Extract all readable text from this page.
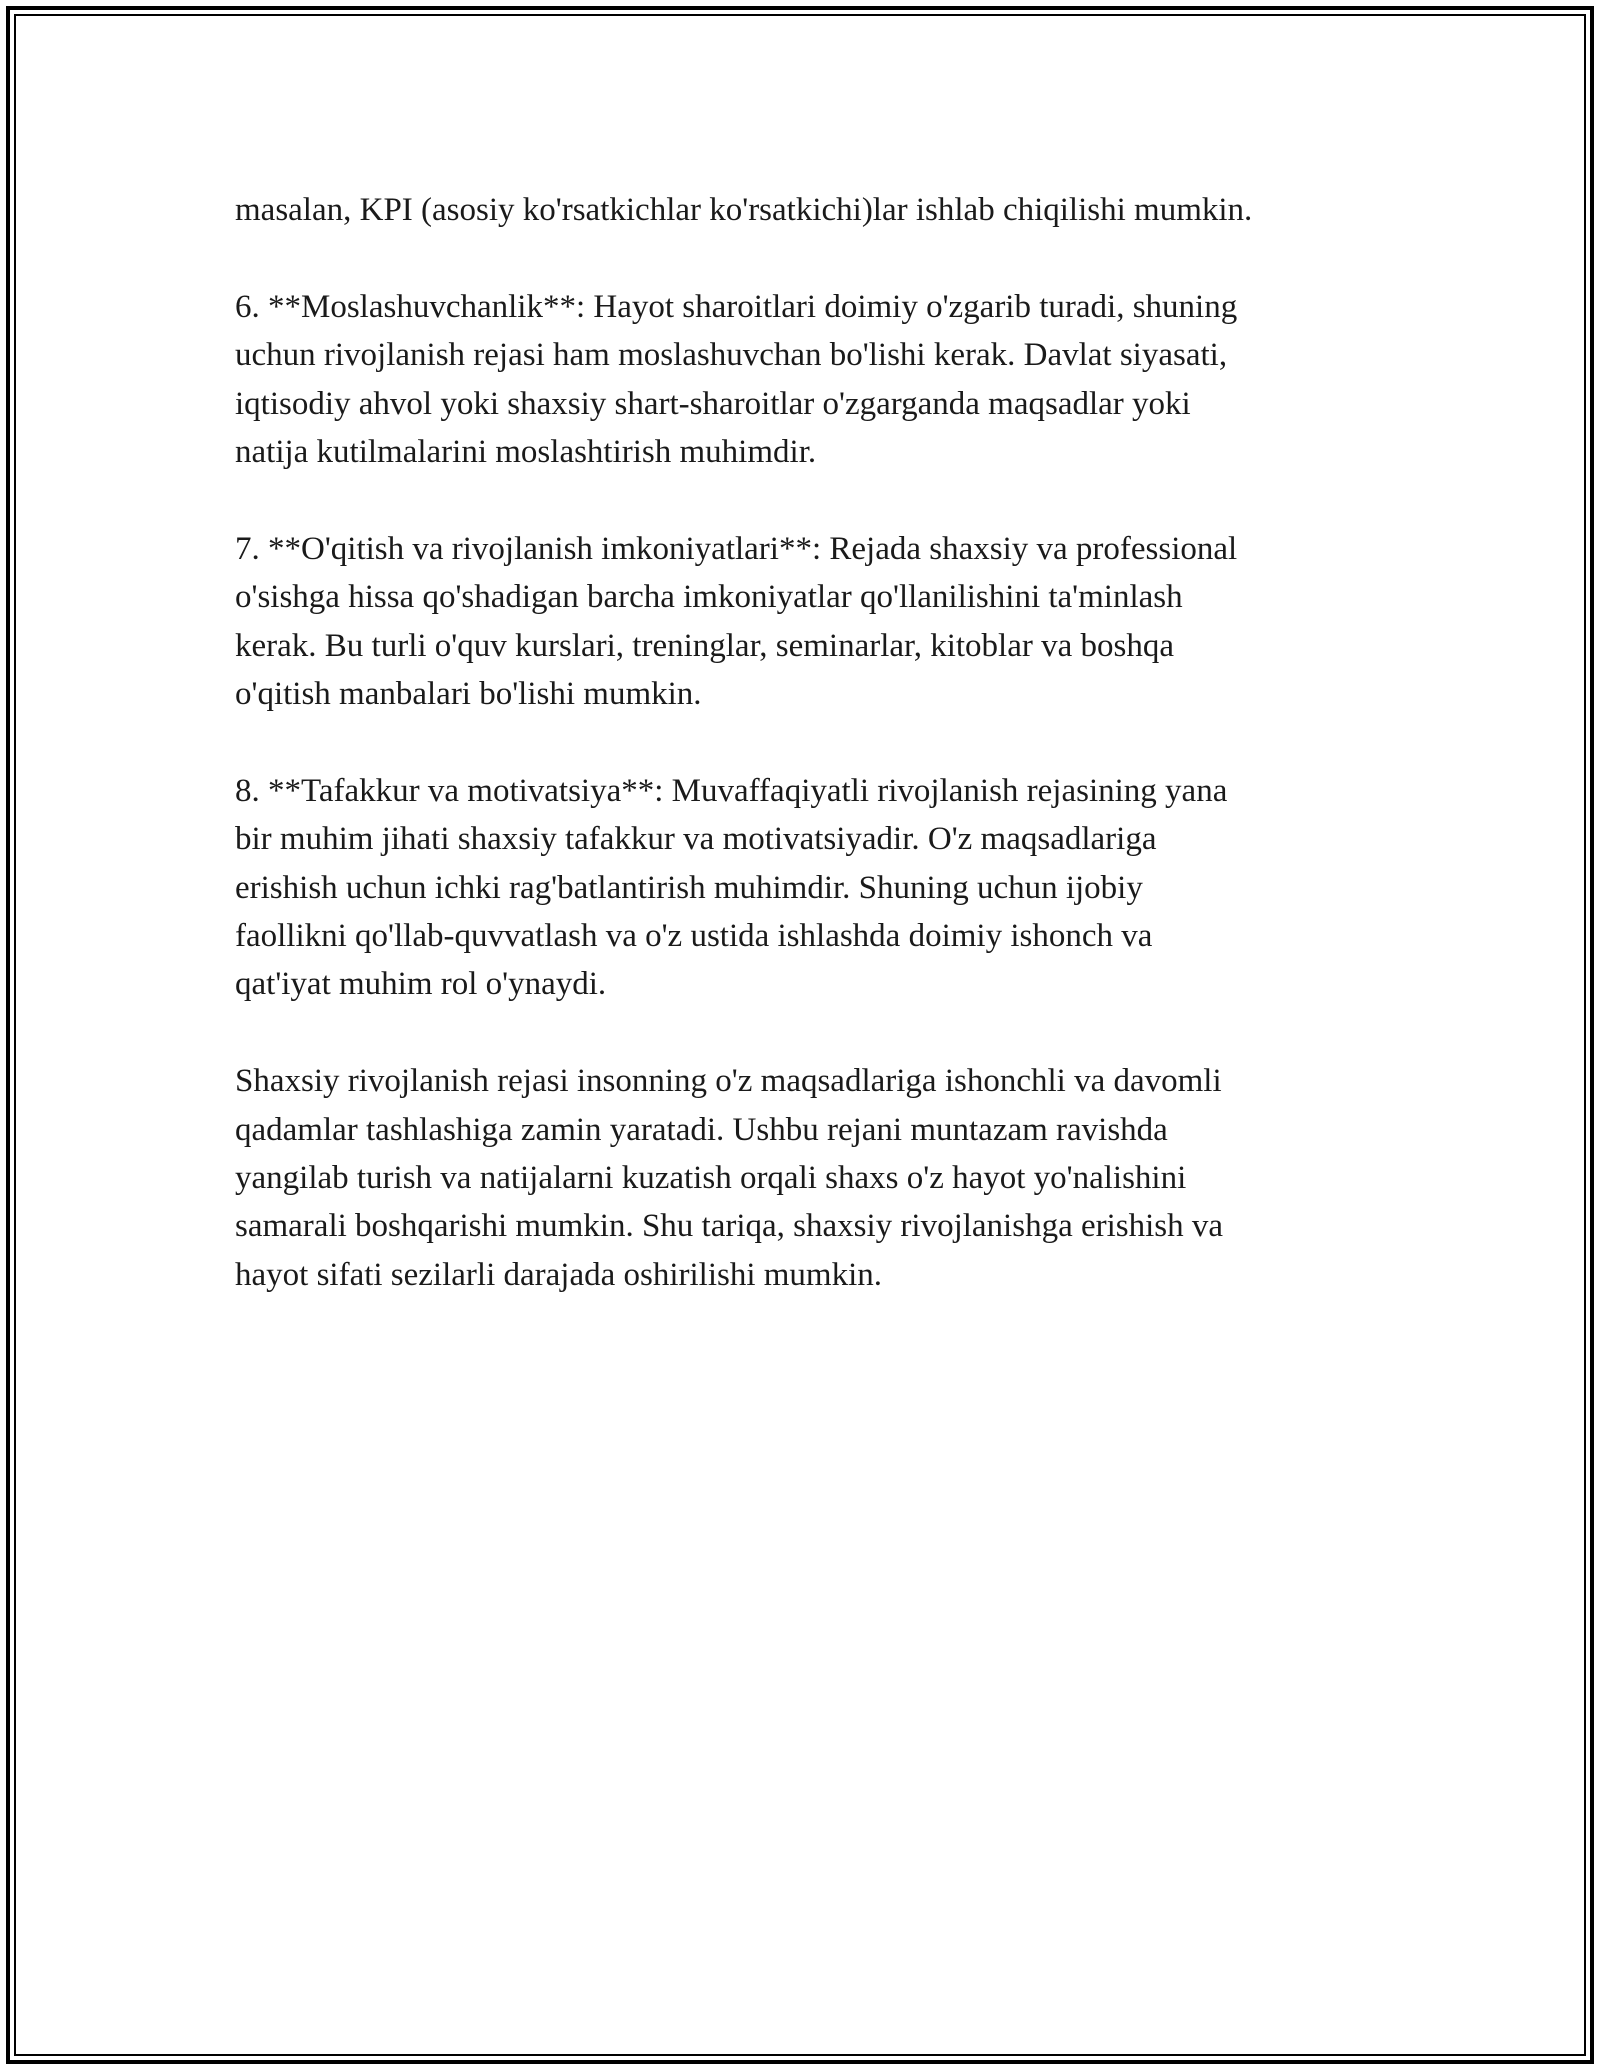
masalan, KPI (asosiy ko'rsatkichlar ko'rsatkichi)lar ishlab chiqilishi mumkin.

6. **Moslashuvchanlik**: Hayot sharoitlari doimiy o'zgarib turadi, shuning
uchun rivojlanish rejasi ham moslashuvchan bo'lishi kerak. Davlat siyasati,
iqtisodiy ahvol yoki shaxsiy shart-sharoitlar o'zgarganda maqsadlar yoki
natija kutilmalarini moslashtirish muhimdir.

7. **O'qitish va rivojlanish imkoniyatlari**: Rejada shaxsiy va professional
o'sishga hissa qo'shadigan barcha imkoniyatlar qo'llanilishini ta'minlash
kerak. Bu turli o'quv kurslari, treninglar, seminarlar, kitoblar va boshqa
o'qitish manbalari bo'lishi mumkin.

8. **Tafakkur va motivatsiya**: Muvaffaqiyatli rivojlanish rejasining yana
bir muhim jihati shaxsiy tafakkur va motivatsiyadir. O'z maqsadlariga
erishish uchun ichki rag'batlantirish muhimdir. Shuning uchun ijobiy
faollikni qo'llab-quvvatlash va o'z ustida ishlashda doimiy ishonch va
qat'iyat muhim rol o'ynaydi.

Shaxsiy rivojlanish rejasi insonning o'z maqsadlariga ishonchli va davomli
qadamlar tashlashiga zamin yaratadi. Ushbu rejani muntazam ravishda
yangilab turish va natijalarni kuzatish orqali shaxs o'z hayot yo'nalishini
samarali boshqarishi mumkin. Shu tariqa, shaxsiy rivojlanishga erishish va
hayot sifati sezilarli darajada oshirilishi mumkin.
